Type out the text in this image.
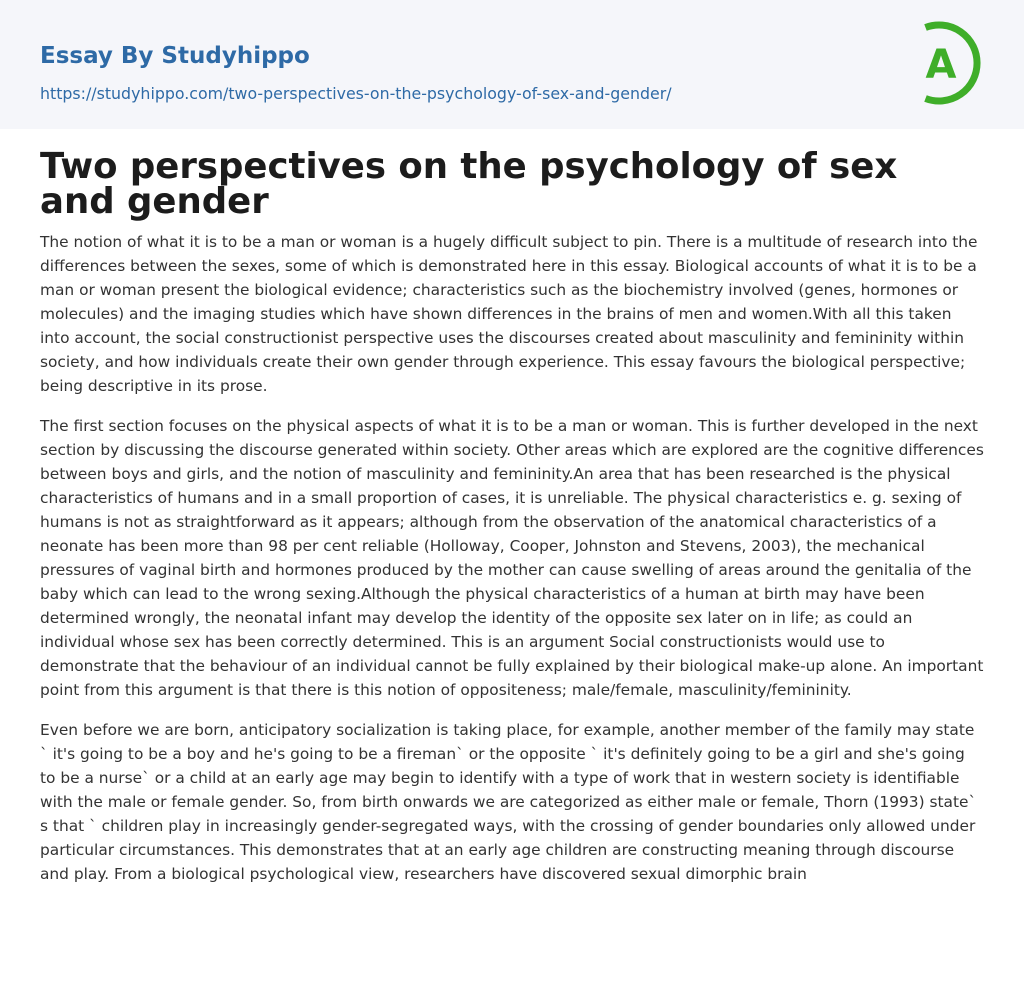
Essay By Studyhippo
https://studyhippo.com/two-perspectives-on-the-psychology-of-sex-and-gender/
A
Two perspectives on the psychology of sex and gender

The notion of what it is to be a man or woman is a hugely difficult subject to pin. There is a multitude of research into the differences between the sexes, some of which is demonstrated here in this essay. Biological accounts of what it is to be a man or woman present the biological evidence; characteristics such as the biochemistry involved (genes, hormones or molecules) and the imaging studies which have shown differences in the brains of men and women.With all this taken into account, the social constructionist perspective uses the discourses created about masculinity and femininity within society, and how individuals create their own gender through experience. This essay favours the biological perspective; being descriptive in its prose.

The first section focuses on the physical aspects of what it is to be a man or woman. This is further developed in the next section by discussing the discourse generated within society. Other areas which are explored are the cognitive differences between boys and girls, and the notion of masculinity and femininity.An area that has been researched is the physical characteristics of humans and in a small proportion of cases, it is unreliable. The physical characteristics e. g. sexing of humans is not as straightforward as it appears; although from the observation of the anatomical characteristics of a neonate has been more than 98 per cent reliable (Holloway, Cooper, Johnston and Stevens, 2003), the mechanical pressures of vaginal birth and hormones produced by the mother can cause swelling of areas around the genitalia of the baby which can lead to the wrong sexing.Although the physical characteristics of a human at birth may have been determined wrongly, the neonatal infant may develop the identity of the opposite sex later on in life; as could an individual whose sex has been correctly determined. This is an argument Social constructionists would use to demonstrate that the behaviour of an individual cannot be fully explained by their biological make-up alone. An important point from this argument is that there is this notion of oppositeness; male/female, masculinity/femininity.

Even before we are born, anticipatory socialization is taking place, for example, another member of the family may state ` it's going to be a boy and he's going to be a fireman` or the opposite ` it's definitely going to be a girl and she's going to be a nurse` or a child at an early age may begin to identify with a type of work that in western society is identifiable with the male or female gender. So, from birth onwards we are categorized as either male or female, Thorn (1993) state` s that ` children play in increasingly gender-segregated ways, with the crossing of gender boundaries only allowed under particular circumstances. This demonstrates that at an early age children are constructing meaning through discourse and play. From a biological psychological view, researchers have discovered sexual dimorphic brain
